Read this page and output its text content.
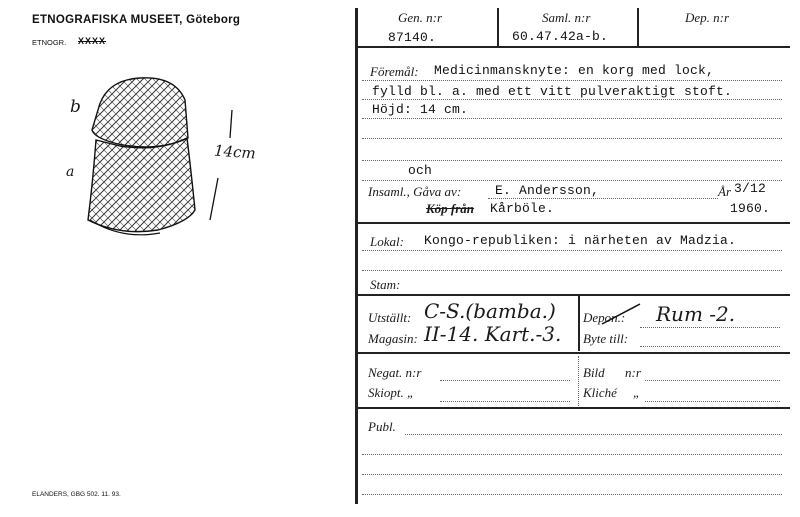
ETNOGRAFISKA MUSEET, Göteborg
ETNOGR. XXXX
b
a
14cm
ELANDERS, GBG 502. 11. 93.
Gen. n:r	Saml. n:r	Dep. n:r
87140.	60.47.42a-b.
Föremål: Medicinmansknyte: en korg med lock,
fylld bl. a. med ett vitt pulveraktigt stoft.
Höjd: 14 cm.
och
Insaml., Gåva av:	E. Andersson,	År 3/12
Köp från Kårböle.	1960.
Lokal: Kongo-republiken: i närheten av Madzia.
Stam:
Utställt: C-S.(bamba.) Depon.: Rum -2.
Magasin: II-14. Kart.-3. Byte till:
Negat. n:r	Bild n:r
Skiopt. „	Kliché „
Publ.
